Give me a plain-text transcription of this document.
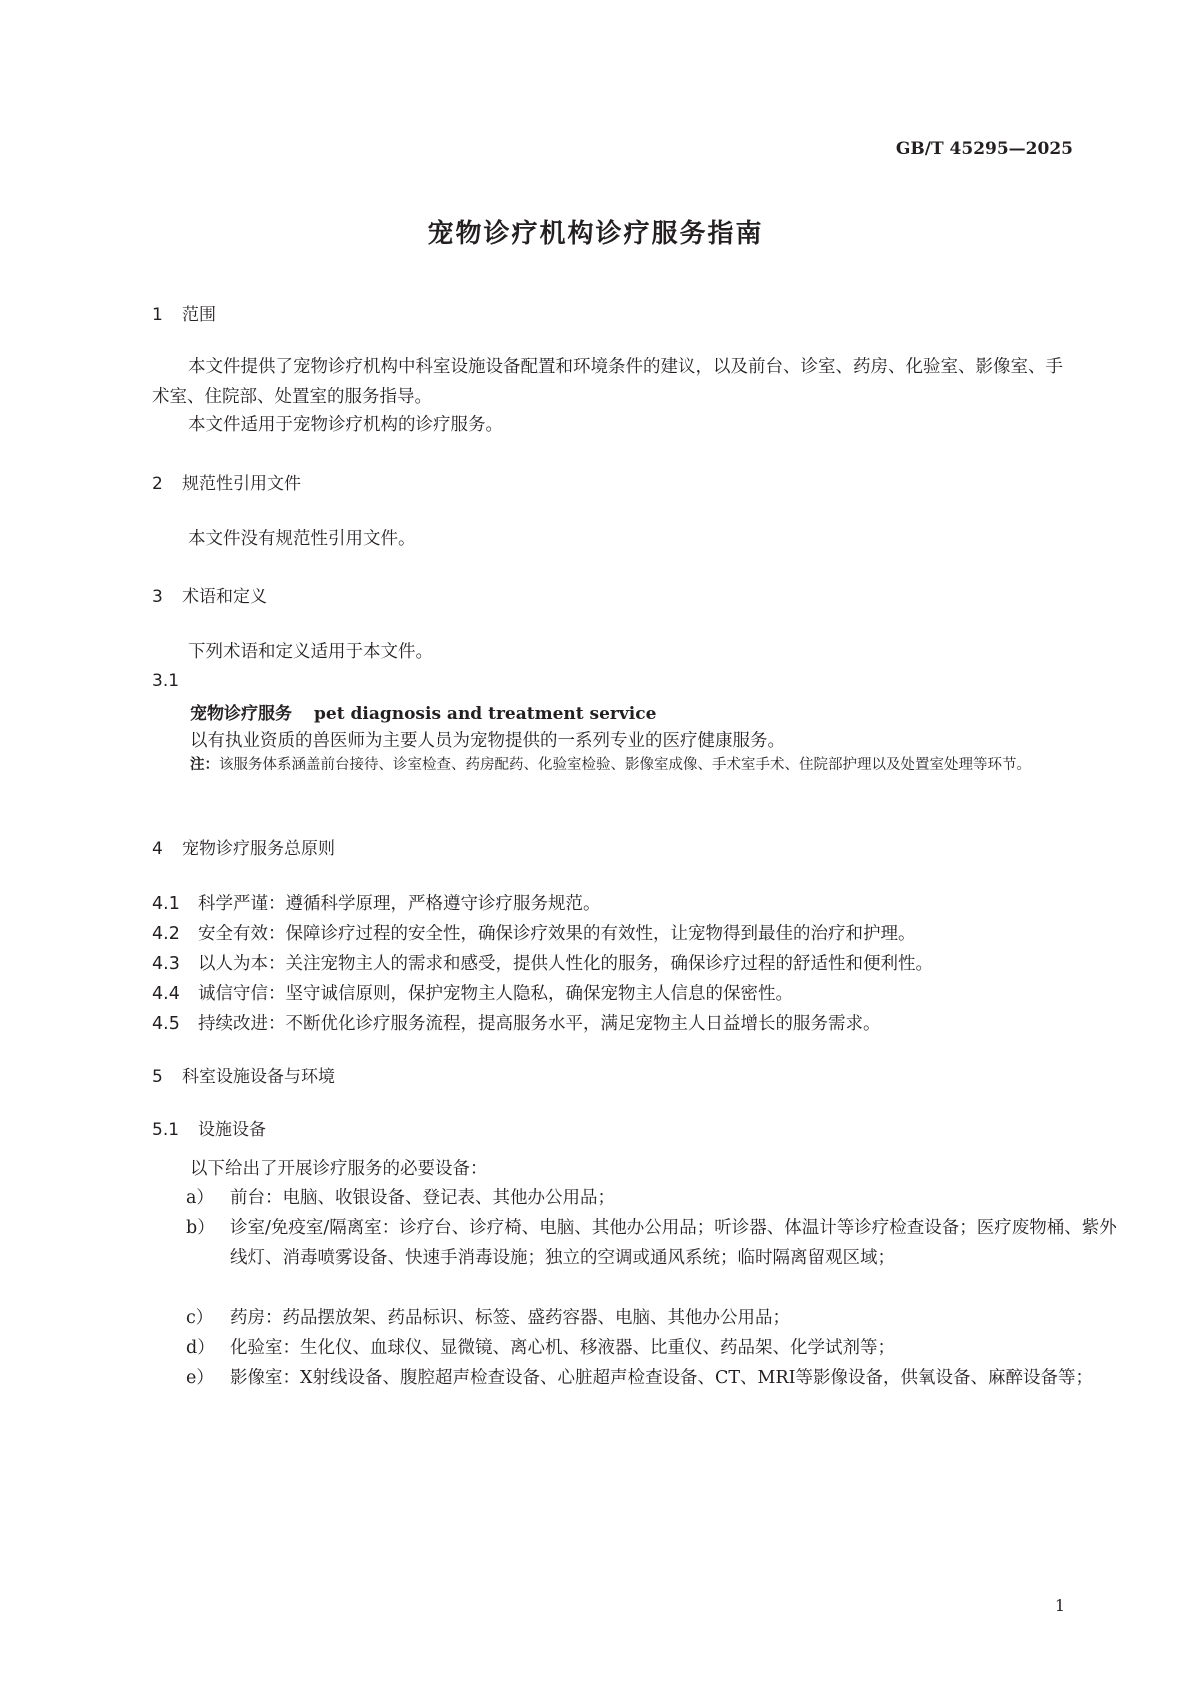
GB/T 45295—2025
宠物诊疗机构诊疗服务指南
1 范围

本文件提供了宠物诊疗机构中科室设施设备配置和环境条件的建议，以及前台、诊室、药房、化验室、影像室、手术室、住院部、处置室的服务指导。

本文件适用于宠物诊疗机构的诊疗服务。

2 规范性引用文件

本文件没有规范性引用文件。

3 术语和定义

下列术语和定义适用于本文件。

3.1
宠物诊疗服务 pet diagnosis and treatment service
以有执业资质的兽医师为主要人员为宠物提供的一系列专业的医疗健康服务。

注：该服务体系涵盖前台接待、诊室检查、药房配药、化验室检验、影像室成像、手术室手术、住院部护理以及处置室处理等环节。

4 宠物诊疗服务总原则
4.1 科学严谨：遵循科学原理，严格遵守诊疗服务规范。
4.2 安全有效：保障诊疗过程的安全性，确保诊疗效果的有效性，让宠物得到最佳的治疗和护理。
4.3 以人为本：关注宠物主人的需求和感受，提供人性化的服务，确保诊疗过程的舒适性和便利性。
4.4 诚信守信：坚守诚信原则，保护宠物主人隐私，确保宠物主人信息的保密性。
4.5 持续改进：不断优化诊疗服务流程，提高服务水平，满足宠物主人日益增长的服务需求。
5 科室设施设备与环境
5.1 设施设备
以下给出了开展诊疗服务的必要设备：

a） 前台：电脑、收银设备、登记表、其他办公用品；

b） 诊室/免疫室/隔离室：诊疗台、诊疗椅、电脑、其他办公用品；听诊器、体温计等诊疗检查设备；医疗废物桶、紫外线灯、消毒喷雾设备、快速手消毒设施；独立的空调或通风系统；临时隔离留观区域；

c） 药房：药品摆放架、药品标识、标签、盛药容器、电脑、其他办公用品；

d） 化验室：生化仪、血球仪、显微镜、离心机、移液器、比重仪、药品架、化学试剂等；

e） 影像室：X射线设备、腹腔超声检查设备、心脏超声检查设备、CT、MRI等影像设备，供氧设备、麻醉设备等；

1
